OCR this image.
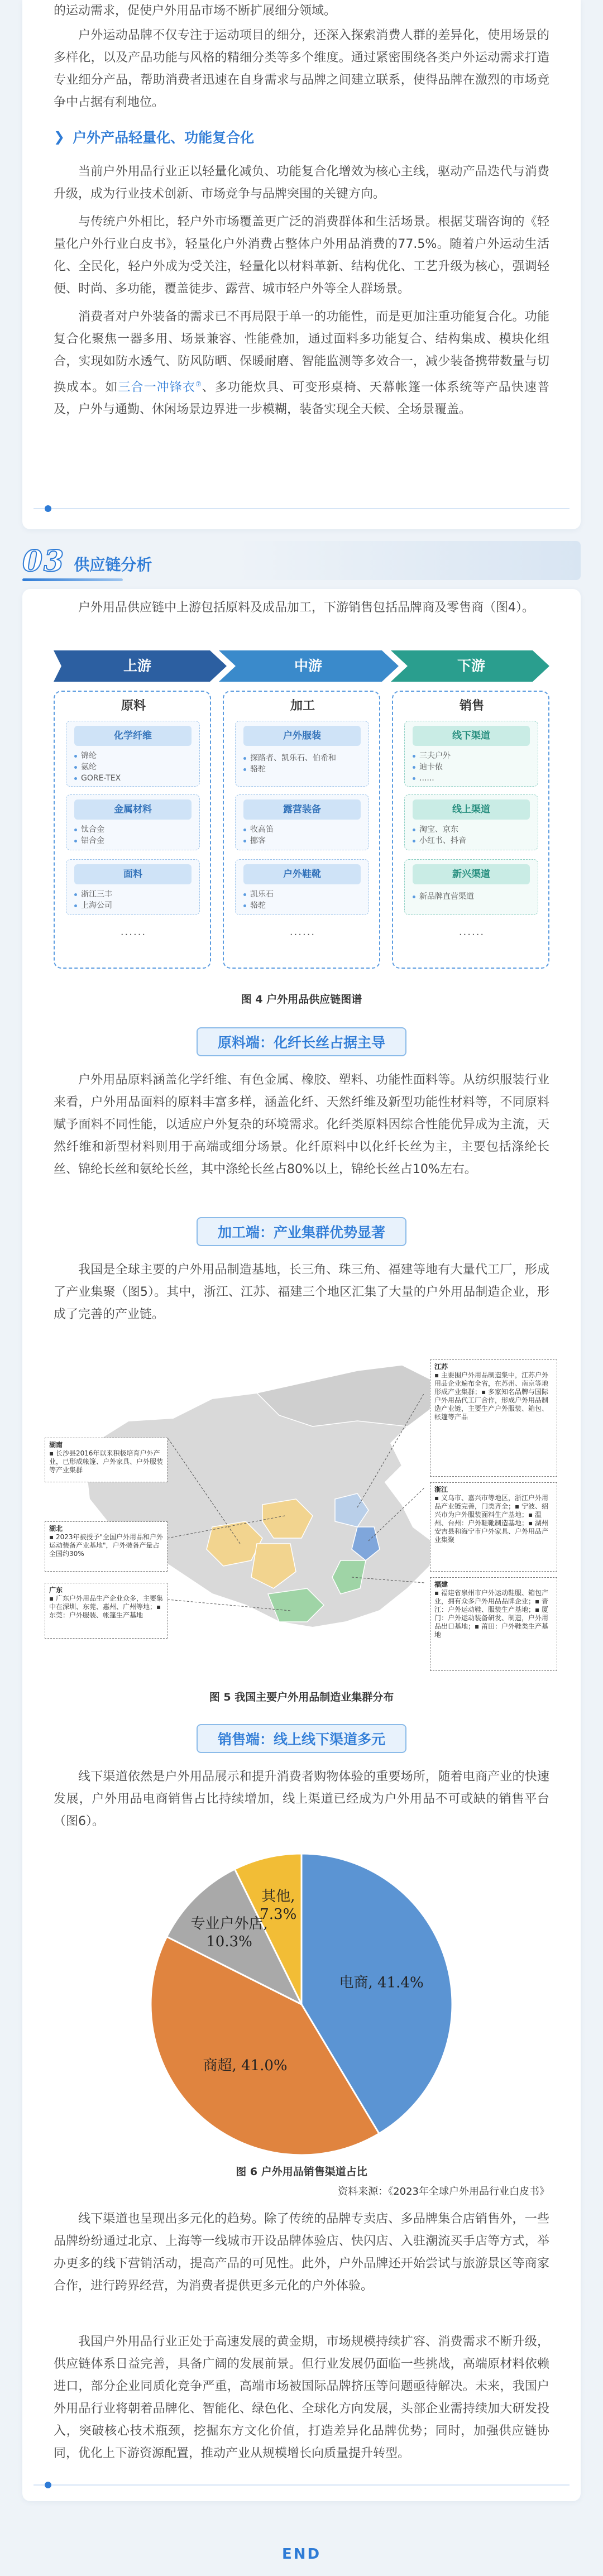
的运动需求，促使户外用品市场不断扩展细分领域。
户外运动品牌不仅专注于运动项目的细分，还深入探索消费人群的差异化，使用场景的多样化，以及产品功能与风格的精细分类等多个维度。通过紧密围绕各类户外运动需求打造专业细分产品，帮助消费者迅速在自身需求与品牌之间建立联系，使得品牌在激烈的市场竞争中占据有利地位。
❯ 户外产品轻量化、功能复合化
当前户外用品行业正以轻量化减负、功能复合化增效为核心主线，驱动产品迭代与消费升级，成为行业技术创新、市场竞争与品牌突围的关键方向。
与传统户外相比，轻户外市场覆盖更广泛的消费群体和生活场景。根据艾瑞咨询的《轻量化户外行业白皮书》，轻量化户外消费占整体户外用品消费的77.5%。随着户外运动生活化、全民化，轻户外成为受关注，轻量化以材料革新、结构优化、工艺升级为核心，强调轻便、时尚、多功能，覆盖徒步、露营、城市轻户外等全人群场景。
消费者对户外装备的需求已不再局限于单一的功能性，而是更加注重功能复合化。功能复合化聚焦一器多用、场景兼容、性能叠加，通过面料多功能复合、结构集成、模块化组合，实现如防水透气、防风防晒、保暖耐磨、智能监测等多效合一，减少装备携带数量与切换成本。如三合一冲锋衣⑦、多功能炊具、可变形桌椅、天幕帐篷一体系统等产品快速普及，户外与通勤、休闲场景边界进一步模糊，装备实现全天候、全场景覆盖。
03 供应链分析
户外用品供应链中上游包括原料及成品加工，下游销售包括品牌商及零售商（图4）。
上游	中游	下游
原料
化学纤维
锦纶
氨纶
GORE-TEX
金属材料
钛合金
铝合金
面料
浙江三丰
上海公司
......
加工
户外服装
探路者、凯乐石、伯希和
骆驼
露营装备
牧高笛
挪客
户外鞋靴
凯乐石
骆驼
......
销售
线下渠道
三夫户外
迪卡侬
......
线上渠道
淘宝、京东
小红书、抖音
新兴渠道
新品牌直营渠道
......
图 4 户外用品供应链图谱
原料端：化纤长丝占据主导
户外用品原料涵盖化学纤维、有色金属、橡胶、塑料、功能性面料等。从纺织服装行业来看，户外用品面料的原料丰富多样，涵盖化纤、天然纤维及新型功能性材料等，不同原料赋予面料不同性能，以适应户外复杂的环境需求。化纤类原料因综合性能优异成为主流，天然纤维和新型材料则用于高端或细分场景。化纤原料中以化纤长丝为主，主要包括涤纶长丝、锦纶长丝和氨纶长丝，其中涤纶长丝占80%以上，锦纶长丝占10%左右。
加工端：产业集群优势显著
我国是全球主要的户外用品制造基地，长三角、珠三角、福建等地有大量代工厂，形成了产业集聚（图5）。其中，浙江、江苏、福建三个地区汇集了大量的户外用品制造企业，形成了完善的产业链。
江苏
▪ 主要围户外用品制造集中，江苏户外用品企业遍布全省，在苏州、南京等地形成产业集群；▪ 多家知名品牌与国际户外用品代工厂合作，形成户外用品制造产业链，主要生产户外服装、箱包、帐篷等产品
浙江
▪ 义乌市、嘉兴市等地区，浙江户外用品产业链完善，门类齐全；▪ 宁波、绍兴市为户外服装面料生产基地；▪ 温州、台州：户外鞋靴制造基地；▪ 湖州安吉县和海宁市户外家具、户外用品产业集聚
福建
▪ 福建省泉州市户外运动鞋服、箱包产业，拥有众多户外用品品牌企业；▪ 晋江：户外运动鞋、服装生产基地；▪ 厦门：户外运动装备研发、制造，户外用品出口基地；▪ 莆田：户外鞋类生产基地
湖南
▪ 长沙县2016年以来积极培育户外产业，已形成帐篷、户外家具、户外服装等产业集群
湖北
▪ 2023年被授予"全国户外用品和户外运动装备产业基地"，户外装备产量占全国约30%
广东
▪ 广东户外用品生产企业众多，主要集中在深圳、东莞、惠州、广州等地；▪ 东莞：户外服装、帐篷生产基地
图 5 我国主要户外用品制造业集群分布
销售端：线上线下渠道多元
线下渠道依然是户外用品展示和提升消费者购物体验的重要场所，随着电商产业的快速发展，户外用品电商销售占比持续增加，线上渠道已经成为户外用品不可或缺的销售平台（图6）。
电商, 41.4%
商超, 41.0%
专业户外店, 10.3%
其他, 7.3%
图 6 户外用品销售渠道占比
资料来源：《2023年全球户外用品行业白皮书》
线下渠道也呈现出多元化的趋势。除了传统的品牌专卖店、多品牌集合店销售外，一些品牌纷纷通过北京、上海等一线城市开设品牌体验店、快闪店、入驻潮流买手店等方式，举办更多的线下营销活动，提高产品的可见性。此外，户外品牌还开始尝试与旅游景区等商家合作，进行跨界经营，为消费者提供更多元化的户外体验。
我国户外用品行业正处于高速发展的黄金期，市场规模持续扩容、消费需求不断升级，供应链体系日益完善，具备广阔的发展前景。但行业发展仍面临一些挑战，高端原材料依赖进口，部分企业同质化竞争严重，高端市场被国际品牌挤压等问题亟待解决。未来，我国户外用品行业将朝着品牌化、智能化、绿色化、全球化方向发展，头部企业需持续加大研发投入，突破核心技术瓶颈，挖掘东方文化价值，打造差异化品牌优势；同时，加强供应链协同，优化上下游资源配置，推动产业从规模增长向质量提升转型。
END
